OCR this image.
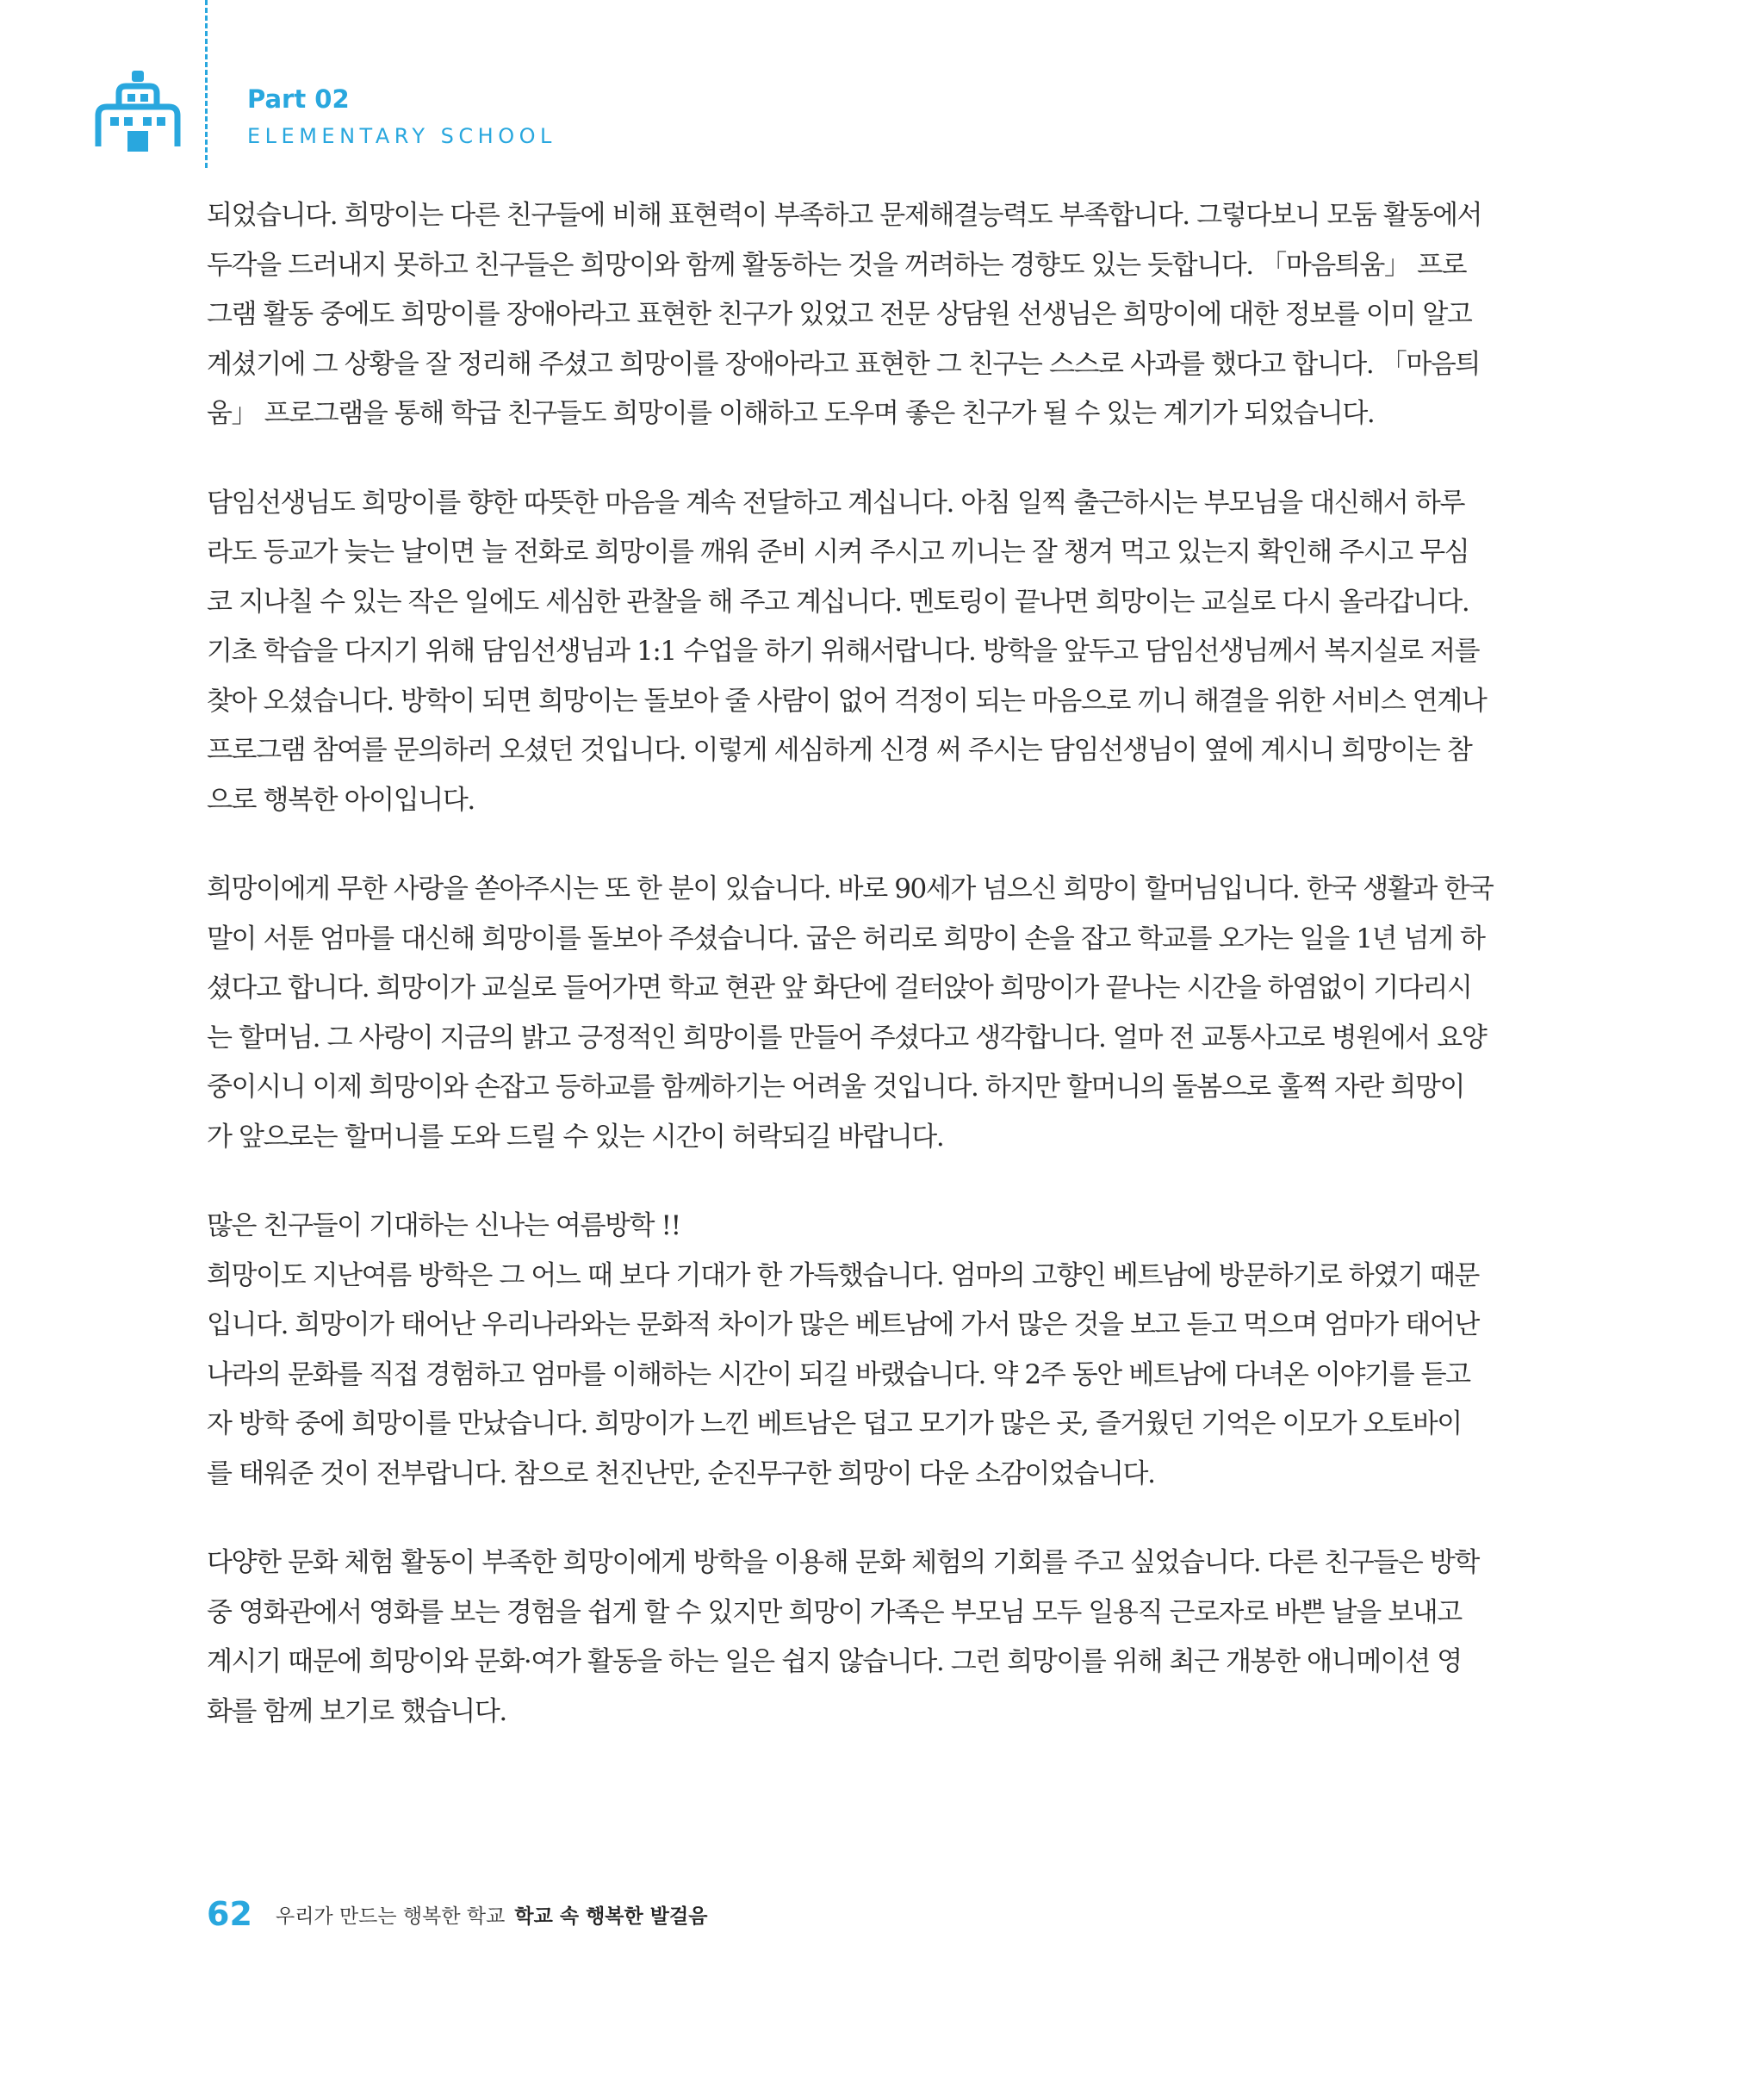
Part 02
ELEMENTARY SCHOOL

되었습니다. 희망이는 다른 친구들에 비해 표현력이 부족하고 문제해결능력도 부족합니다. 그렇다보니 모둠 활동에서

두각을 드러내지 못하고 친구들은 희망이와 함께 활동하는 것을 꺼려하는 경향도 있는 듯합니다. 「마음틔움」 프로

그램 활동 중에도 희망이를 장애아라고 표현한 친구가 있었고 전문 상담원 선생님은 희망이에 대한 정보를 이미 알고

계셨기에 그 상황을 잘 정리해 주셨고 희망이를 장애아라고 표현한 그 친구는 스스로 사과를 했다고 합니다. 「마음틔

움」 프로그램을 통해 학급 친구들도 희망이를 이해하고 도우며 좋은 친구가 될 수 있는 계기가 되었습니다.

담임선생님도 희망이를 향한 따뜻한 마음을 계속 전달하고 계십니다. 아침 일찍 출근하시는 부모님을 대신해서 하루

라도 등교가 늦는 날이면 늘 전화로 희망이를 깨워 준비 시켜 주시고 끼니는 잘 챙겨 먹고 있는지 확인해 주시고 무심

코 지나칠 수 있는 작은 일에도 세심한 관찰을 해 주고 계십니다. 멘토링이 끝나면 희망이는 교실로 다시 올라갑니다.

기초 학습을 다지기 위해 담임선생님과 1:1 수업을 하기 위해서랍니다. 방학을 앞두고 담임선생님께서 복지실로 저를

찾아 오셨습니다. 방학이 되면 희망이는 돌보아 줄 사람이 없어 걱정이 되는 마음으로 끼니 해결을 위한 서비스 연계나

프로그램 참여를 문의하러 오셨던 것입니다. 이렇게 세심하게 신경 써 주시는 담임선생님이 옆에 계시니 희망이는 참

으로 행복한 아이입니다.

희망이에게 무한 사랑을 쏟아주시는 또 한 분이 있습니다. 바로 90세가 넘으신 희망이 할머님입니다. 한국 생활과 한국

말이 서툰 엄마를 대신해 희망이를 돌보아 주셨습니다. 굽은 허리로 희망이 손을 잡고 학교를 오가는 일을 1년 넘게 하

셨다고 합니다. 희망이가 교실로 들어가면 학교 현관 앞 화단에 걸터앉아 희망이가 끝나는 시간을 하염없이 기다리시

는 할머님. 그 사랑이 지금의 밝고 긍정적인 희망이를 만들어 주셨다고 생각합니다. 얼마 전 교통사고로 병원에서 요양

중이시니 이제 희망이와 손잡고 등하교를 함께하기는 어려울 것입니다. 하지만 할머니의 돌봄으로 훌쩍 자란 희망이

가 앞으로는 할머니를 도와 드릴 수 있는 시간이 허락되길 바랍니다.

많은 친구들이 기대하는 신나는 여름방학 !!

희망이도 지난여름 방학은 그 어느 때 보다 기대가 한 가득했습니다. 엄마의 고향인 베트남에 방문하기로 하였기 때문

입니다. 희망이가 태어난 우리나라와는 문화적 차이가 많은 베트남에 가서 많은 것을 보고 듣고 먹으며 엄마가 태어난

나라의 문화를 직접 경험하고 엄마를 이해하는 시간이 되길 바랬습니다. 약 2주 동안 베트남에 다녀온 이야기를 듣고

자 방학 중에 희망이를 만났습니다. 희망이가 느낀 베트남은 덥고 모기가 많은 곳, 즐거웠던 기억은 이모가 오토바이

를 태워준 것이 전부랍니다. 참으로 천진난만, 순진무구한 희망이 다운 소감이었습니다.

다양한 문화 체험 활동이 부족한 희망이에게 방학을 이용해 문화 체험의 기회를 주고 싶었습니다. 다른 친구들은 방학

중 영화관에서 영화를 보는 경험을 쉽게 할 수 있지만 희망이 가족은 부모님 모두 일용직 근로자로 바쁜 날을 보내고

계시기 때문에 희망이와 문화·여가 활동을 하는 일은 쉽지 않습니다. 그런 희망이를 위해 최근 개봉한 애니메이션 영

화를 함께 보기로 했습니다.

62 우리가 만드는 행복한 학교 학교 속 행복한 발걸음
